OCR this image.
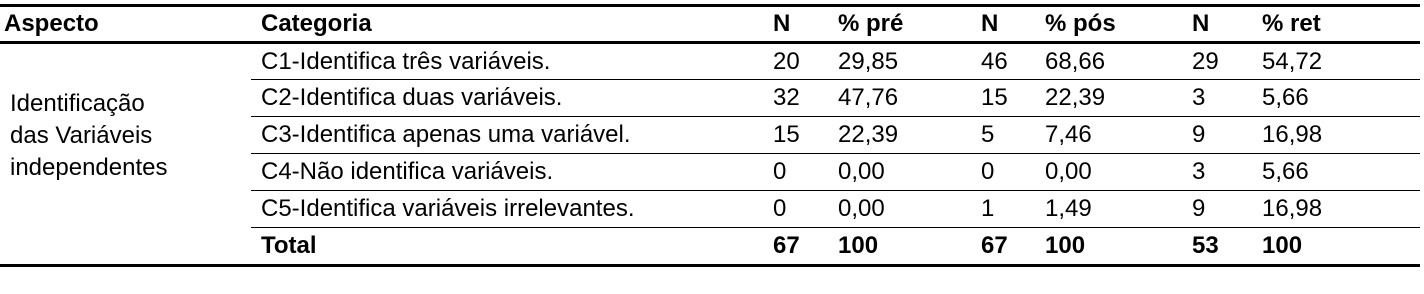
Aspecto	Categoria	N	% pré	N	% pós	N	% ret

Identificação
das Variáveis
independentes	C1-Identifica três variáveis.	20	29,85	46	68,66	29	54,72
	C2-Identifica duas variáveis.	32	47,76	15	22,39	3	5,66
	C3-Identifica apenas uma variável.	15	22,39	5	7,46	9	16,98
	C4-Não identifica variáveis.	0	0,00	0	0,00	3	5,66
	C5-Identifica variáveis irrelevantes.	0	0,00	1	1,49	9	16,98
	Total	67	100	67	100	53	100
